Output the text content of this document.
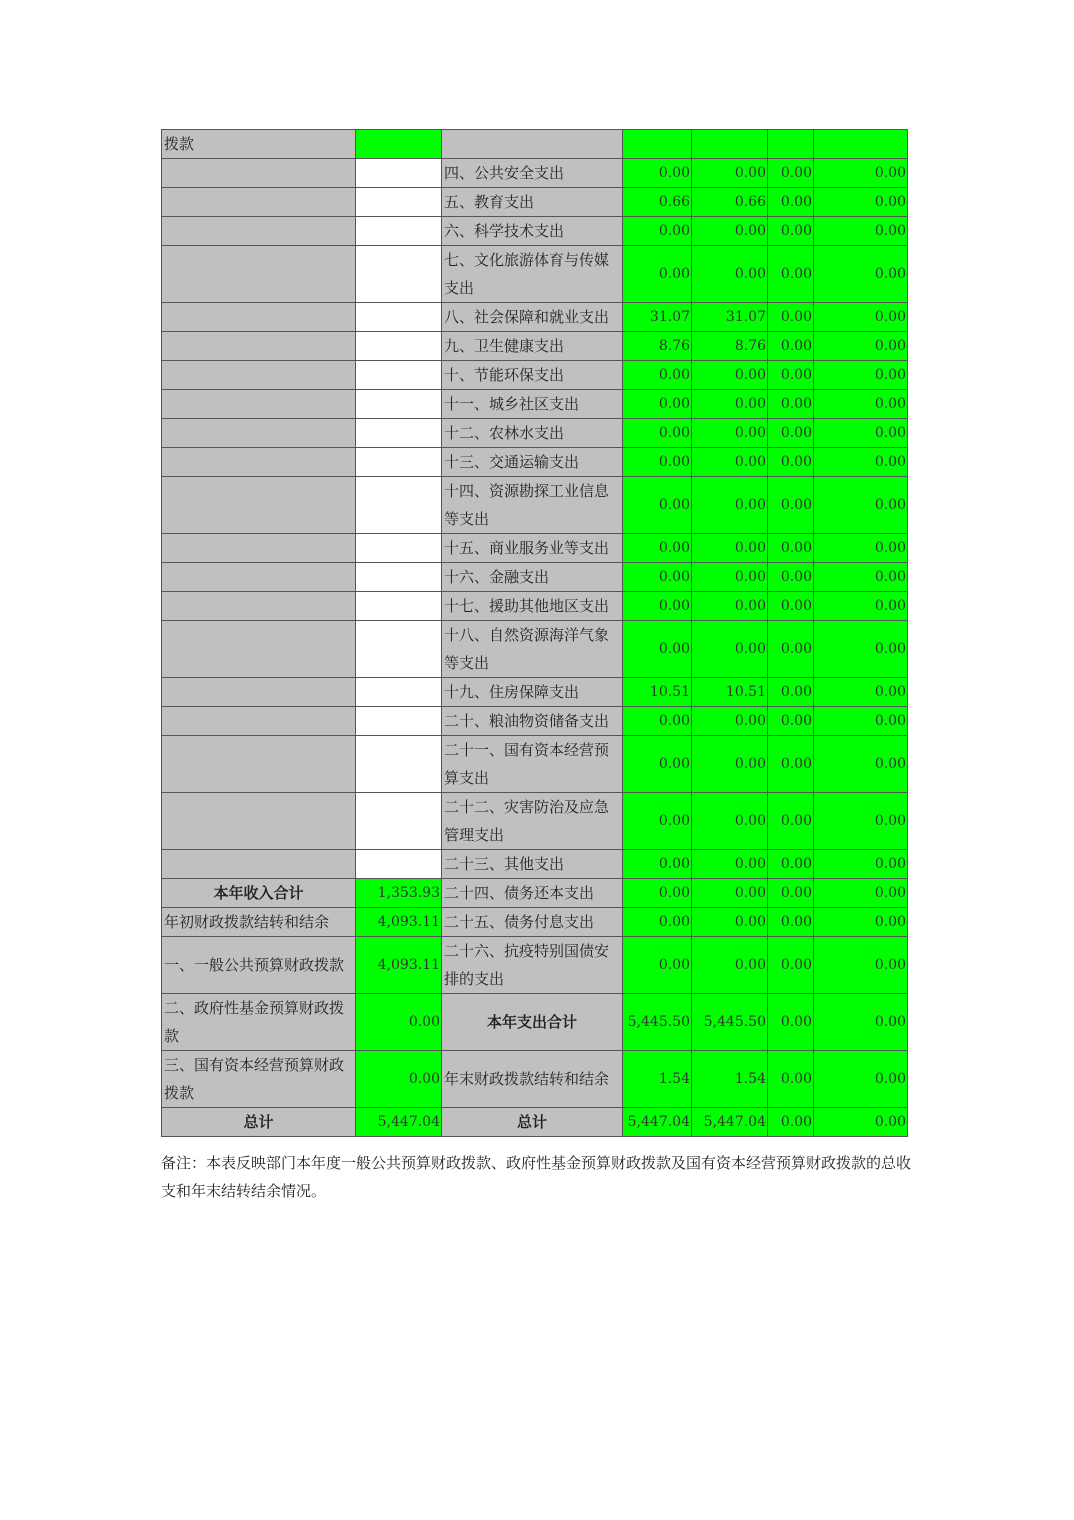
拨款						
		四、公共安全支出	0.00	0.00	0.00	0.00
		五、教育支出	0.66	0.66	0.00	0.00
		六、科学技术支出	0.00	0.00	0.00	0.00
		七、文化旅游体育与传媒支出	0.00	0.00	0.00	0.00
		八、社会保障和就业支出	31.07	31.07	0.00	0.00
		九、卫生健康支出	8.76	8.76	0.00	0.00
		十、节能环保支出	0.00	0.00	0.00	0.00
		十一、城乡社区支出	0.00	0.00	0.00	0.00
		十二、农林水支出	0.00	0.00	0.00	0.00
		十三、交通运输支出	0.00	0.00	0.00	0.00
		十四、资源勘探工业信息等支出	0.00	0.00	0.00	0.00
		十五、商业服务业等支出	0.00	0.00	0.00	0.00
		十六、金融支出	0.00	0.00	0.00	0.00
		十七、援助其他地区支出	0.00	0.00	0.00	0.00
		十八、自然资源海洋气象等支出	0.00	0.00	0.00	0.00
		十九、住房保障支出	10.51	10.51	0.00	0.00
		二十、粮油物资储备支出	0.00	0.00	0.00	0.00
		二十一、国有资本经营预算支出	0.00	0.00	0.00	0.00
		二十二、灾害防治及应急管理支出	0.00	0.00	0.00	0.00
		二十三、其他支出	0.00	0.00	0.00	0.00
本年收入合计	1,353.93	二十四、债务还本支出	0.00	0.00	0.00	0.00
年初财政拨款结转和结余	4,093.11	二十五、债务付息支出	0.00	0.00	0.00	0.00
一、一般公共预算财政拨款	4,093.11	二十六、抗疫特别国债安排的支出	0.00	0.00	0.00	0.00
二、政府性基金预算财政拨款	0.00	本年支出合计	5,445.50	5,445.50	0.00	0.00
三、国有资本经营预算财政拨款	0.00	年末财政拨款结转和结余	1.54	1.54	0.00	0.00
总计	5,447.04	总计	5,447.04	5,447.04	0.00	0.00
备注：本表反映部门本年度一般公共预算财政拨款、政府性基金预算财政拨款及国有资本经营预算财政拨款的总收支和年末结转结余情况。
